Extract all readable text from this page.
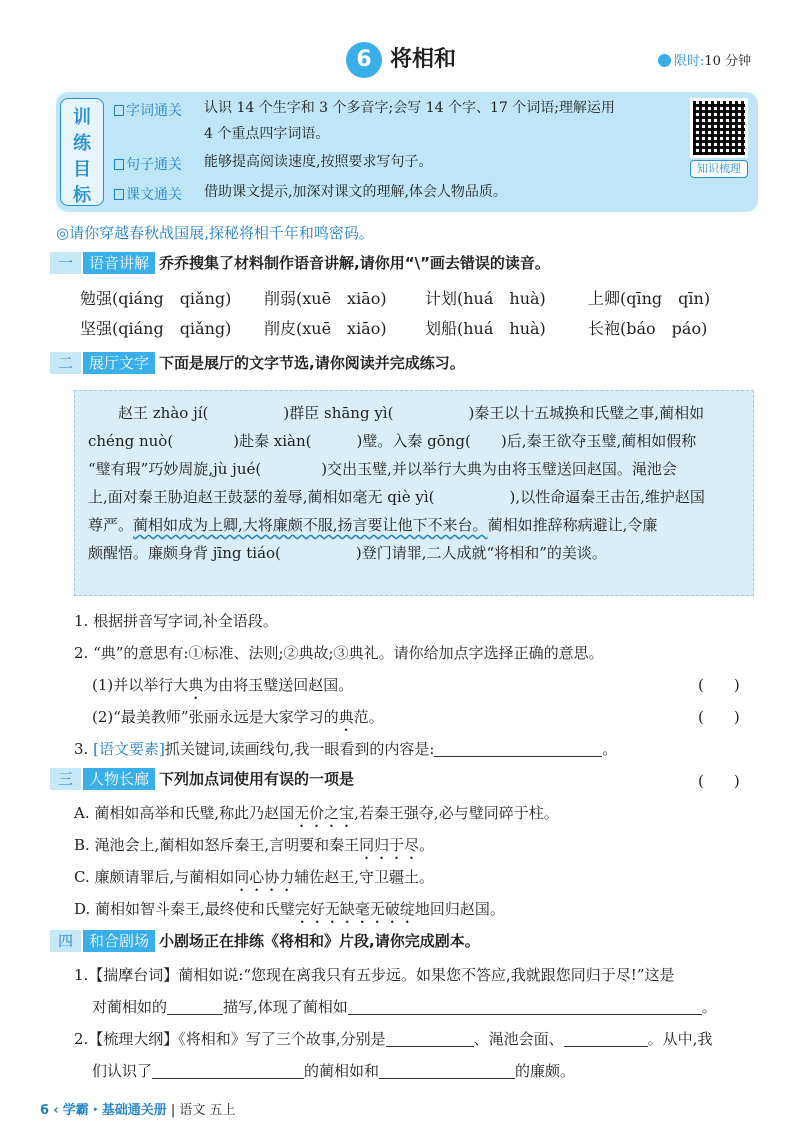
6 将相和	限时:10 分钟
训
练
目
标
字词通关 认识 14 个生字和 3 个多音字;会写 14 个字、17 个词语;理解运用
4 个重点四字词语。
句子通关 能够提高阅读速度,按照要求写句子。
课文通关 借助课文提示,加深对课文的理解,体会人物品质。
知识梳理
◎请你穿越春秋战国展,探秘将相千年和鸣密码。
一 语音讲解 乔乔搜集了材料制作语音讲解,请你用“\”画去错误的读音。
勉强(qiáng　qiǎng) 削弱(xuē　xiāo) 计划(huá　huà)	上卿(qīng　qīn)
坚强(qiáng　qiǎng) 削皮(xuē　xiāo) 划船(huá　huà)	长袍(báo　páo)
二 展厅文字 下面是展厅的文字节选,请你阅读并完成练习。
赵王 zhào jí(　　　　　)群臣 shāng yì(　　　　　)秦王以十五城换和氏璧之事,蔺相如
chéng nuò(　　　　)赴秦 xiàn(　　　)璧。入秦 gōng(　　)后,秦王欲夺玉璧,蔺相如假称
“璧有瑕”巧妙周旋,jù jué(　　　　)交出玉璧,并以举行大典为由将玉璧送回赵国。渑池会
上,面对秦王胁迫赵王鼓瑟的羞辱,蔺相如毫无 qiè yì(　　　　　),以性命逼秦王击缶,维护赵国
尊严。蔺相如成为上卿,大将廉颇不服,扬言要让他下不来台。蔺相如推辞称病避让,令廉
颇醒悟。廉颇身背 jīng tiáo(　　　　　)登门请罪,二人成就“将相和”的美谈。
1. 根据拼音写字词,补全语段。
2. “典”的意思有:①标准、法则;②典故;③典礼。请你给加点字选择正确的意思。
(1)并以举行大典为由将玉璧送回赵国。	(　　)
(2)“最美教师”张丽永远是大家学习的典范。	(　　)
3. [语文要素]抓关键词,读画线句,我一眼看到的内容是:	。
三 人物长廊 下列加点词使用有误的一项是	(　　)
A. 蔺相如高举和氏璧,称此乃赵国无价之宝,若秦王强夺,必与璧同碎于柱。
B. 渑池会上,蔺相如怒斥秦王,言明要和秦王同归于尽。
C. 廉颇请罪后,与蔺相如同心协力辅佐赵王,守卫疆土。
D. 蔺相如智斗秦王,最终使和氏璧完好无缺毫无破绽地回归赵国。
四 和合剧场 小剧场正在排练《将相和》片段,请你完成剧本。
1.【揣摩台词】蔺相如说:“您现在离我只有五步远。如果您不答应,我就跟您同归于尽!”这是
对蔺相如的	描写,体现了蔺相如	。
2.【梳理大纲】《将相和》写了三个故事,分别是	、渑池会面、	。从中,我
们认识了	的蔺相如和	的廉颇。
6 ‹ 学霸・基础通关册 | 语文 五上
